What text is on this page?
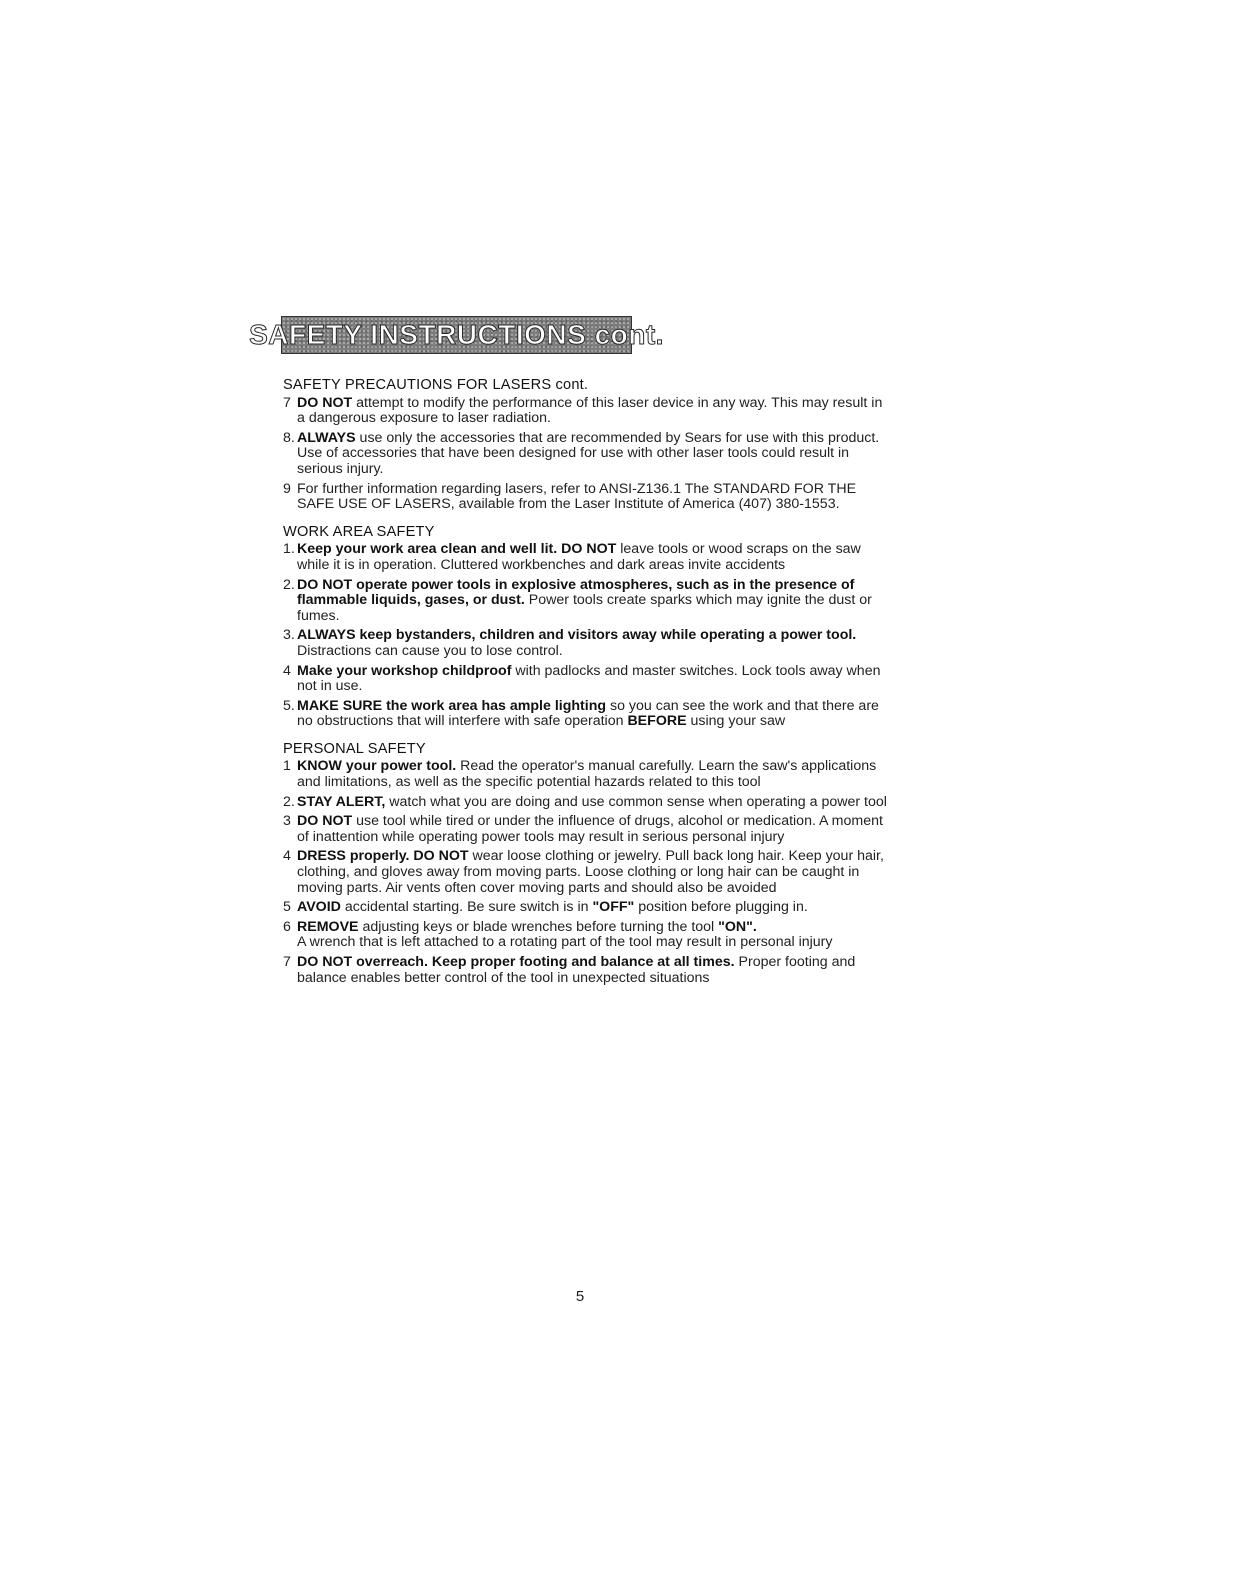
SAFETY INSTRUCTIONS cont.
SAFETY PRECAUTIONS FOR LASERS cont.
7 DO NOT attempt to modify the performance of this laser device in any way. This may result in a dangerous exposure to laser radiation.
8. ALWAYS use only the accessories that are recommended by Sears for use with this product. Use of accessories that have been designed for use with other laser tools could result in serious injury.
9 For further information regarding lasers, refer to ANSI-Z136.1 The STANDARD FOR THE SAFE USE OF LASERS, available from the Laser Institute of America (407) 380-1553.
WORK AREA SAFETY
1. Keep your work area clean and well lit. DO NOT leave tools or wood scraps on the saw while it is in operation. Cluttered workbenches and dark areas invite accidents
2. DO NOT operate power tools in explosive atmospheres, such as in the presence of flammable liquids, gases, or dust. Power tools create sparks which may ignite the dust or fumes.
3. ALWAYS keep bystanders, children and visitors away while operating a power tool. Distractions can cause you to lose control.
4 Make your workshop childproof with padlocks and master switches. Lock tools away when not in use.
5. MAKE SURE the work area has ample lighting so you can see the work and that there are no obstructions that will interfere with safe operation BEFORE using your saw
PERSONAL SAFETY
1 KNOW your power tool. Read the operator's manual carefully. Learn the saw's applications and limitations, as well as the specific potential hazards related to this tool
2. STAY ALERT, watch what you are doing and use common sense when operating a power tool
3 DO NOT use tool while tired or under the influence of drugs, alcohol or medication. A moment of inattention while operating power tools may result in serious personal injury
4 DRESS properly. DO NOT wear loose clothing or jewelry. Pull back long hair. Keep your hair, clothing, and gloves away from moving parts. Loose clothing or long hair can be caught in moving parts. Air vents often cover moving parts and should also be avoided
5 AVOID accidental starting. Be sure switch is in "OFF" position before plugging in.
6 REMOVE adjusting keys or blade wrenches before turning the tool "ON".
A wrench that is left attached to a rotating part of the tool may result in personal injury
7 DO NOT overreach. Keep proper footing and balance at all times. Proper footing and balance enables better control of the tool in unexpected situations
5
